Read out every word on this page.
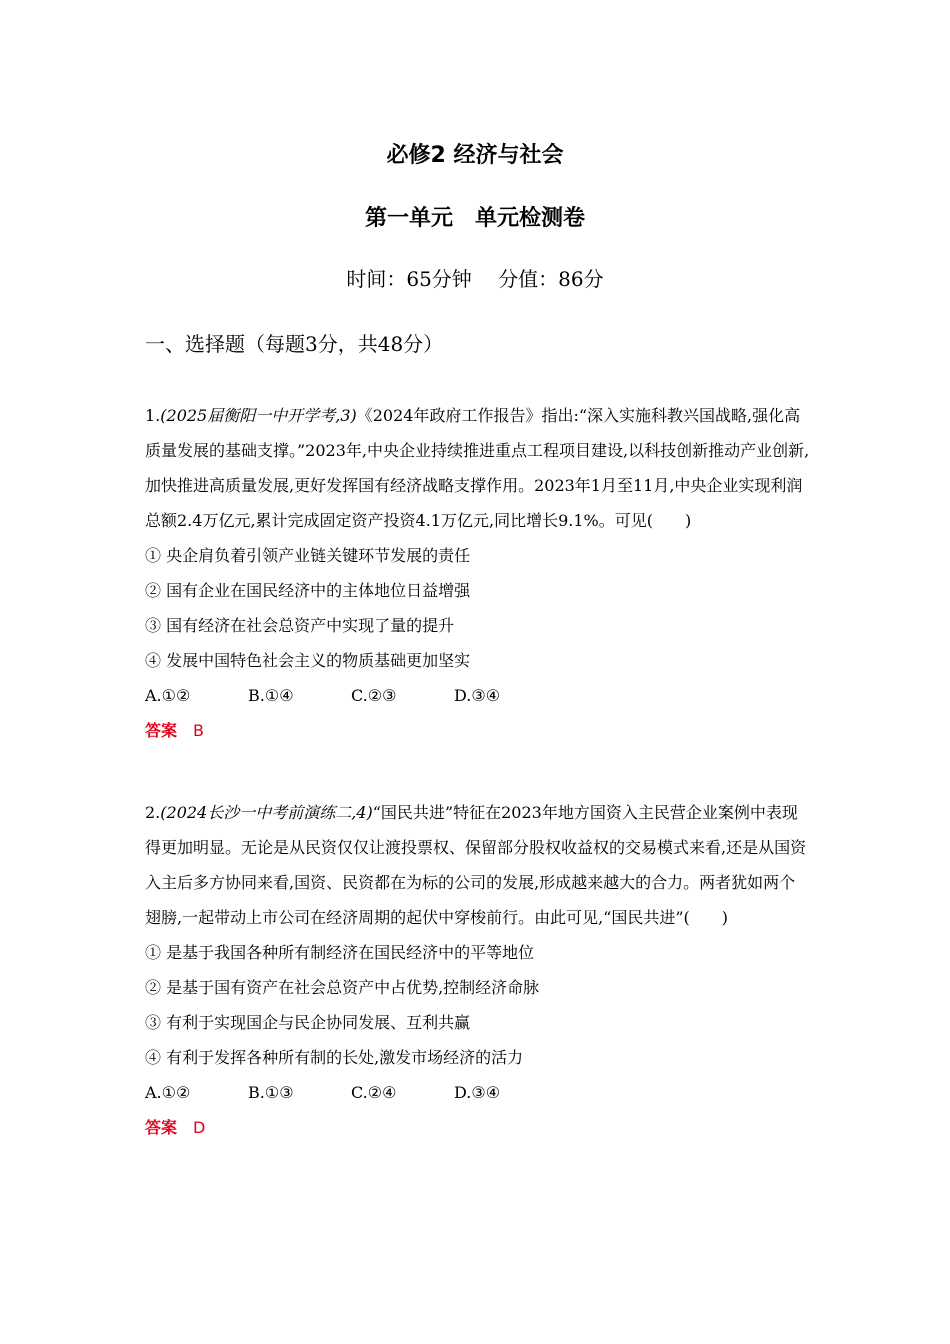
必修2 经济与社会
第一单元　单元检测卷
时间：65分钟　 分值：86分
一、选择题（每题3分，共48分）
1.(2025届衡阳一中开学考,3)《2024年政府工作报告》指出:“深入实施科教兴国战略,强化高质量发展的基础支撑。”2023年,中央企业持续推进重点工程项目建设,以科技创新推动产业创新,加快推进高质量发展,更好发挥国有经济战略支撑作用。2023年1月至11月,中央企业实现利润总额2.4万亿元,累计完成固定资产投资4.1万亿元,同比增长9.1%。可见(　　)
① 央企肩负着引领产业链关键环节发展的责任
② 国有企业在国民经济中的主体地位日益增强
③ 国有经济在社会总资产中实现了量的提升
④ 发展中国特色社会主义的物质基础更加坚实
A.①②	B.①④	C.②③	D.③④
答案 B
2.(2024长沙一中考前演练二,4)“国民共进”特征在2023年地方国资入主民营企业案例中表现得更加明显。无论是从民资仅仅让渡投票权、保留部分股权收益权的交易模式来看,还是从国资入主后多方协同来看,国资、民资都在为标的公司的发展,形成越来越大的合力。两者犹如两个翅膀,一起带动上市公司在经济周期的起伏中穿梭前行。由此可见,“国民共进”(　　)
① 是基于我国各种所有制经济在国民经济中的平等地位
② 是基于国有资产在社会总资产中占优势,控制经济命脉
③ 有利于实现国企与民企协同发展、互利共赢
④ 有利于发挥各种所有制的长处,激发市场经济的活力
A.①②	B.①③	C.②④	D.③④
答案 D
